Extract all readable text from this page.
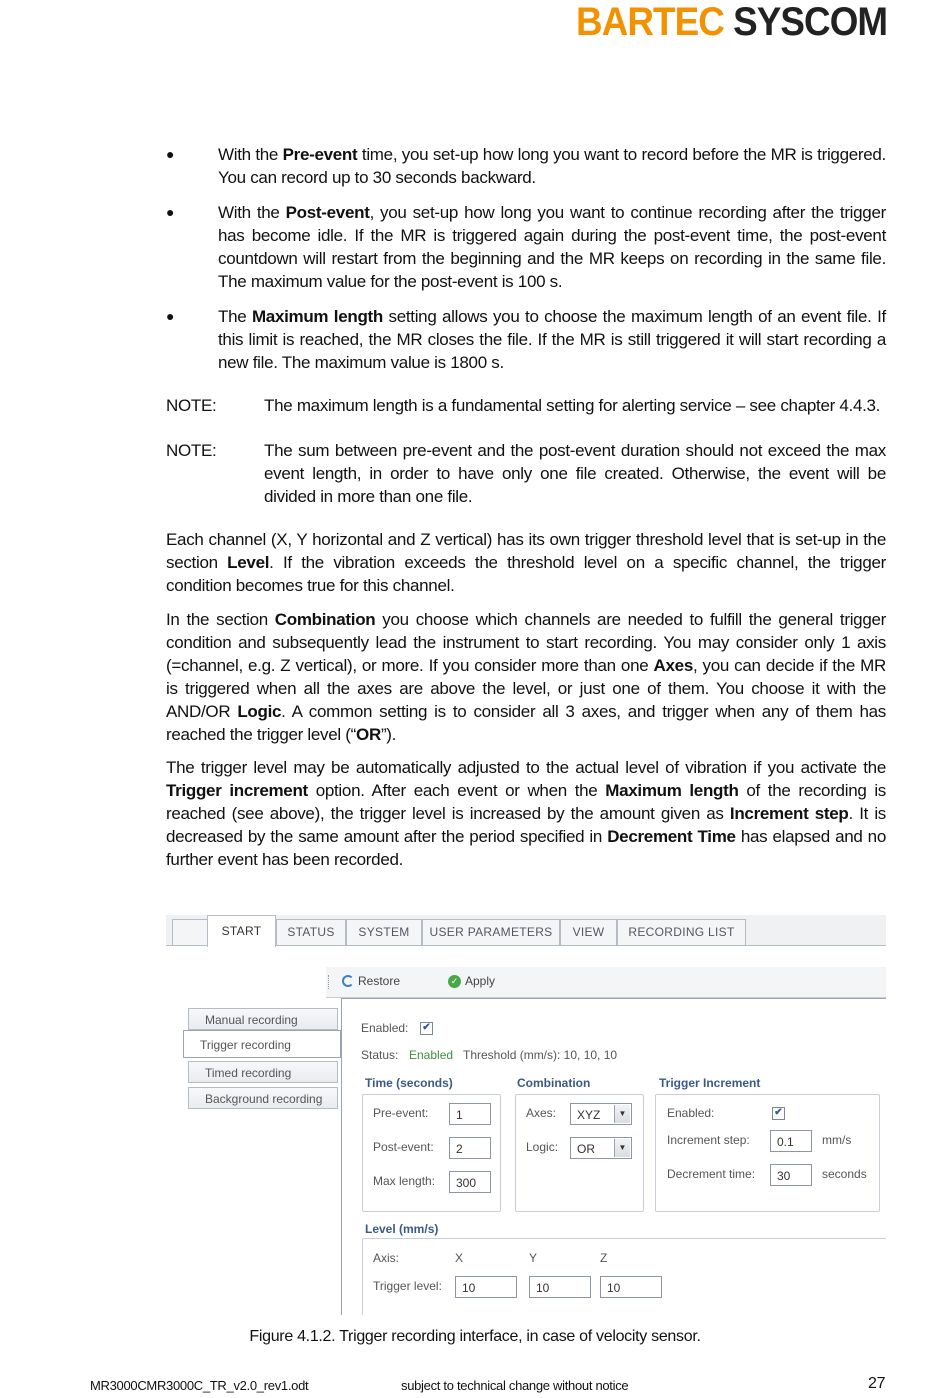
BARTEC SYSCOM
●	With the Pre-event time, you set-up how long you want to record before the MR is triggered. You can record up to 30 seconds backward.
●	With the Post-event, you set-up how long you want to continue recording after the trigger has become idle. If the MR is triggered again during the post-event time, the post-event countdown will restart from the beginning and the MR keeps on recording in the same file. The maximum value for the post-event is 100 s.
●	The Maximum length setting allows you to choose the maximum length of an event file. If this limit is reached, the MR closes the file. If the MR is still triggered it will start recording a new file. The maximum value is 1800 s.
NOTE:	The maximum length is a fundamental setting for alerting service – see chapter 4.4.3.
NOTE:	The sum between pre-event and the post-event duration should not exceed the max event length, in order to have only one file created. Otherwise, the event will be divided in more than one file.
Each channel (X, Y horizontal and Z vertical) has its own trigger threshold level that is set-up in the section Level. If the vibration exceeds the threshold level on a specific channel, the trigger condition becomes true for this channel.
In the section Combination you choose which channels are needed to fulfill the general trigger condition and subsequently lead the instrument to start recording. You may consider only 1 axis (=channel, e.g. Z vertical), or more. If you consider more than one Axes, you can decide if the MR is triggered when all the axes are above the level, or just one of them. You choose it with the AND/OR Logic. A common setting is to consider all 3 axes, and trigger when any of them has reached the trigger level (“OR”).
The trigger level may be automatically adjusted to the actual level of vibration if you activate the Trigger increment option. After each event or when the Maximum length of the recording is reached (see above), the trigger level is increased by the amount given as Increment step. It is decreased by the same amount after the period specified in Decrement Time has elapsed and no further event has been recorded.
START	STATUS	SYSTEM	USER PARAMETERS	VIEW	RECORDING LIST
Restore	✓ Apply
Manual recording
Trigger recording
Timed recording
Background recording
Enabled: ✔
Status: Enabled Threshold (mm/s): 10, 10, 10
Time (seconds)
Pre-event:	1
Post-event:	2
Max length:	300
Combination
Axes:	XYZ	▼
Logic:	OR	▼
Trigger Increment
Enabled:	✔
Increment step:	0.1	mm/s
Decrement time:	30	seconds
Level (mm/s)
Axis:	X	Y	Z
Trigger level:	10	10	10
Figure 4.1.2. Trigger recording interface, in case of velocity sensor.
MR3000CMR3000C_TR_v2.0_rev1.odt	subject to technical change without notice	27
